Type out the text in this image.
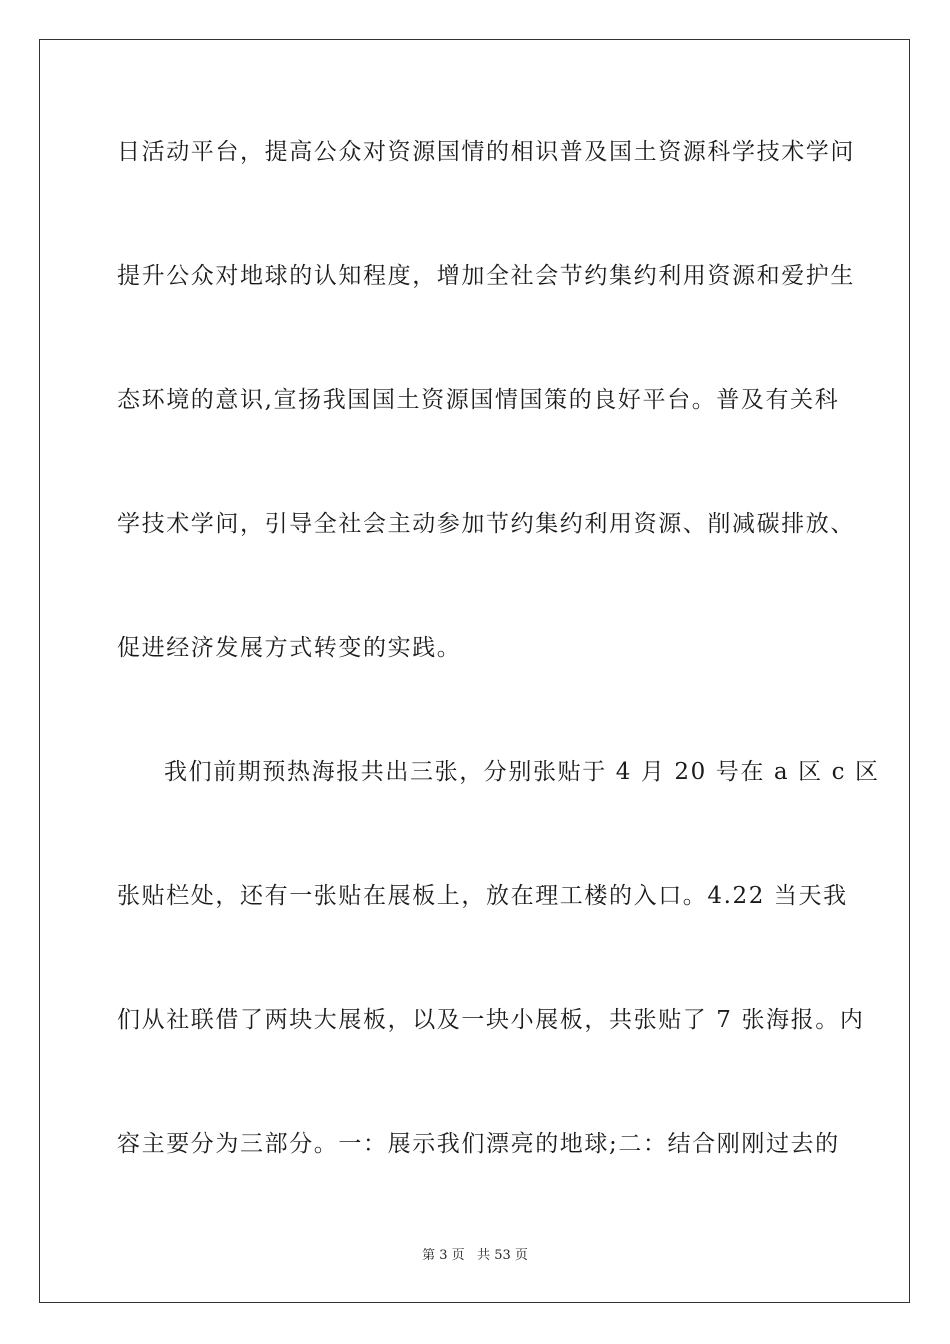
日活动平台，提高公众对资源国情的相识普及国土资源科学技术学问
提升公众对地球的认知程度，增加全社会节约集约利用资源和爱护生
态环境的意识,宣扬我国国土资源国情国策的良好平台。普及有关科
学技术学问，引导全社会主动参加节约集约利用资源、削减碳排放、
促进经济发展方式转变的实践。
我们前期预热海报共出三张，分别张贴于 4 月 20 号在 a 区 c 区
张贴栏处，还有一张贴在展板上，放在理工楼的入口。4.22 当天我
们从社联借了两块大展板，以及一块小展板，共张贴了 7 张海报。内
容主要分为三部分。一：展示我们漂亮的地球;二：结合刚刚过去的
第 3 页   共 53 页
